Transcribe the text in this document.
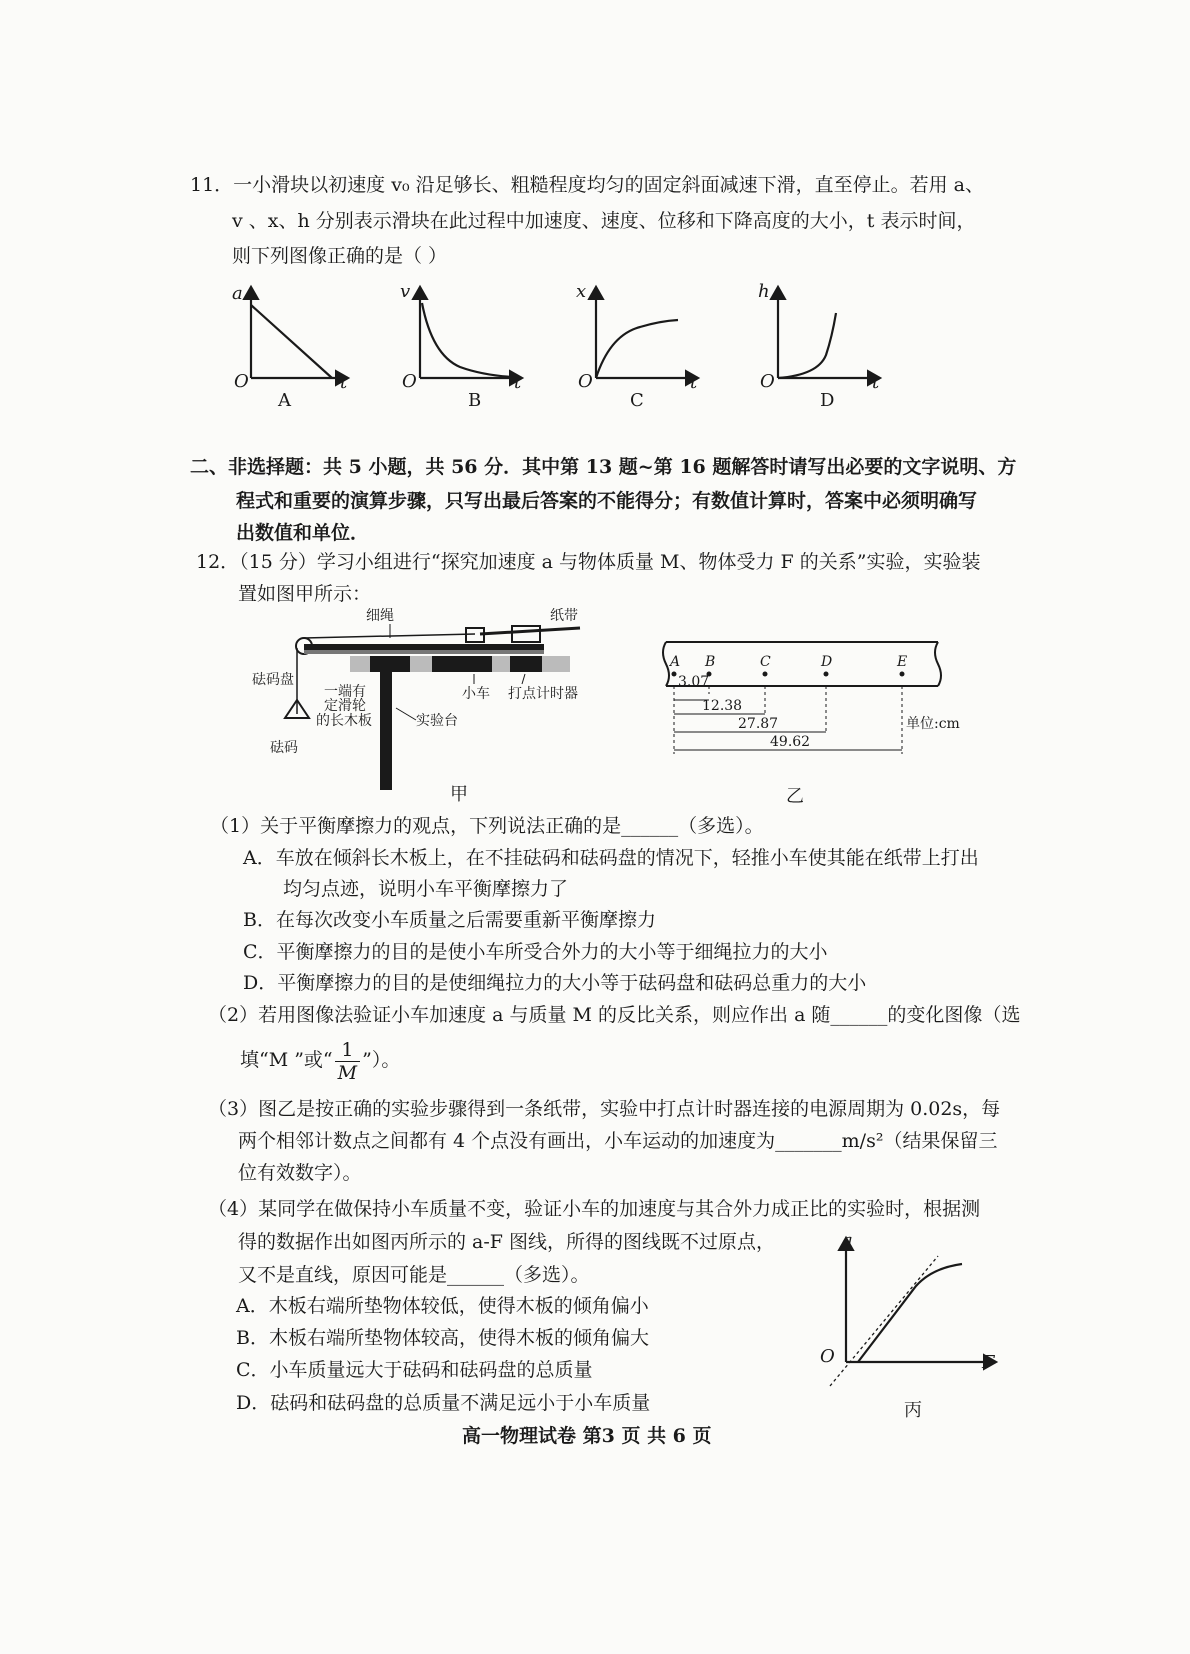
11．一小滑块以初速度 v₀ 沿足够长、粗糙程度均匀的固定斜面减速下滑，直至停止。若用 a、
v 、x、h 分别表示滑块在此过程中加速度、速度、位移和下降高度的大小，t 表示时间，
则下列图像正确的是（ ）
a
O	t
A
v
O	t
B
x
O	t
C
h
O	t
D
二、非选择题：共 5 小题，共 56 分．其中第 13 题~第 16 题解答时请写出必要的文字说明、方
程式和重要的演算步骤，只写出最后答案的不能得分；有数值计算时，答案中必须明确写
出数值和单位．
12．（15 分）学习小组进行“探究加速度 a 与物体质量 M、物体受力 F 的关系”实验，实验装
置如图甲所示：
细绳	纸带
砝码盘
砝码
一端有
定滑轮
的长木板	实验台
小车 打点计时器
甲
A B	C	D	E
3.07
12.38
27.87
49.62
单位:cm
乙
（1）关于平衡摩擦力的观点，下列说法正确的是______（多选）。
A．车放在倾斜长木板上，在不挂砝码和砝码盘的情况下，轻推小车使其能在纸带上打出
均匀点迹，说明小车平衡摩擦力了
B．在每次改变小车质量之后需要重新平衡摩擦力
C．平衡摩擦力的目的是使小车所受合外力的大小等于细绳拉力的大小
D．平衡摩擦力的目的是使细绳拉力的大小等于砝码盘和砝码总重力的大小
（2）若用图像法验证小车加速度 a 与质量 M 的反比关系，则应作出 a 随______的变化图像（选
填“M ”或“ $\frac{1}{M}$ ”）。
（3）图乙是按正确的实验步骤得到一条纸带，实验中打点计时器连接的电源周期为 0.02s，每
两个相邻计数点之间都有 4 个点没有画出，小车运动的加速度为_______m/s²（结果保留三
位有效数字）。
（4）某同学在做保持小车质量不变，验证小车的加速度与其合外力成正比的实验时，根据测
得的数据作出如图丙所示的 a-F 图线，所得的图线既不过原点，
又不是直线，原因可能是______（多选）。
A．木板右端所垫物体较低，使得木板的倾角偏小
B．木板右端所垫物体较高，使得木板的倾角偏大
C．小车质量远大于砝码和砝码盘的总质量
D．砝码和砝码盘的总质量不满足远小于小车质量
a
O	F
丙
高一物理试卷 第3 页 共 6 页
